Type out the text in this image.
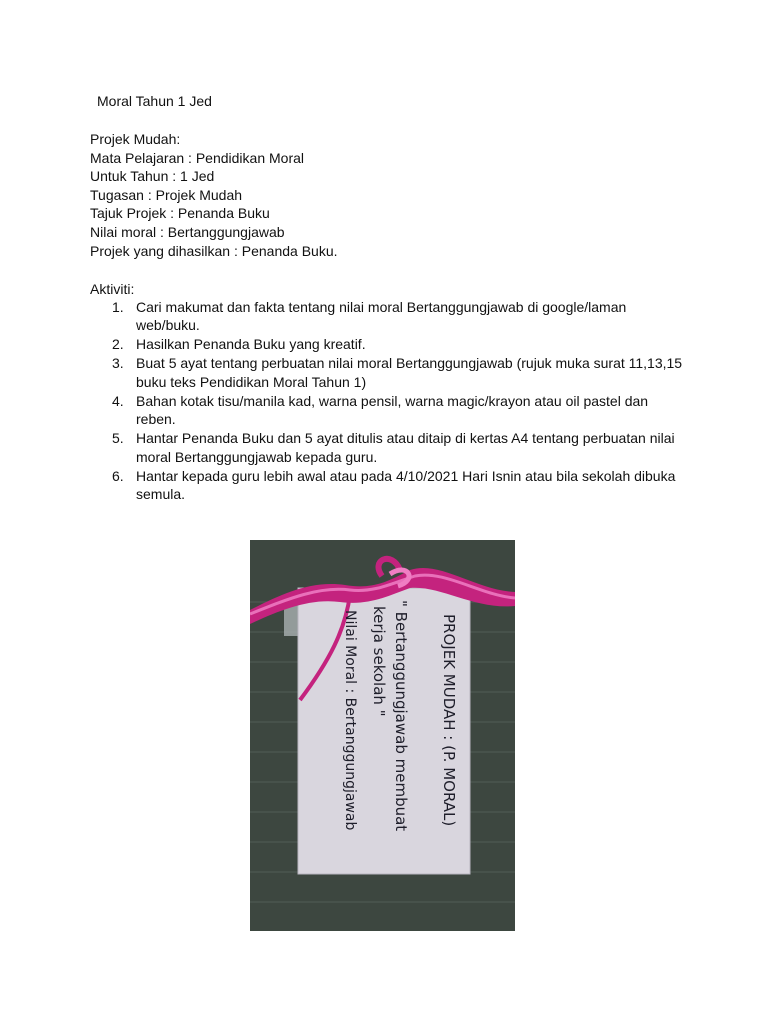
Moral Tahun 1 Jed
Projek Mudah:
Mata Pelajaran : Pendidikan Moral
Untuk Tahun : 1 Jed
Tugasan : Projek Mudah
Tajuk Projek : Penanda Buku
Nilai moral : Bertanggungjawab
Projek yang dihasilkan : Penanda Buku.
Aktiviti:
1. Cari makumat dan fakta tentang nilai moral Bertanggungjawab di google/laman web/buku.
2. Hasilkan Penanda Buku yang kreatif.
3. Buat 5 ayat tentang perbuatan nilai moral Bertanggungjawab (rujuk muka surat 11,13,15 buku teks Pendidikan Moral Tahun 1)
4. Bahan kotak tisu/manila kad, warna pensil, warna magic/krayon atau oil pastel dan reben.
5. Hantar Penanda Buku dan 5 ayat ditulis atau ditaip di kertas A4 tentang perbuatan nilai moral Bertanggungjawab kepada guru.
6. Hantar kepada guru lebih awal atau pada 4/10/2021 Hari Isnin atau bila sekolah dibuka semula.
PROJEK MUDAH : (P. MORAL)
" Bertanggungjawab membuat
kerja sekolah "
Nilai Moral : Bertanggungjawab
